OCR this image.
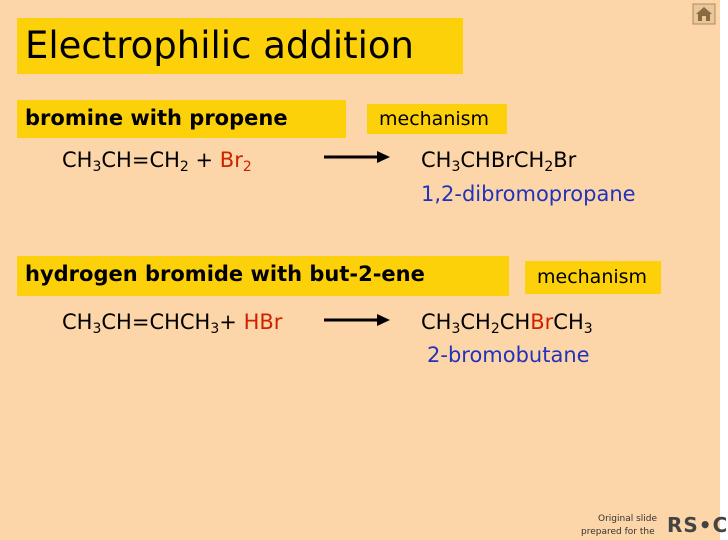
Electrophilic addition
bromine with propene	mechanism
$CH_3CH=CH_2 + Br_2$	$CH_3CHBrCH_2Br$
1,2-dibromopropane
hydrogen bromide with but-2-ene	mechanism
$CH_3CH=CHCH_3+$ HBr	$CH_3CH_2CHBrCH_3$
2-bromobutane
Original slide
prepared for the RS•C
